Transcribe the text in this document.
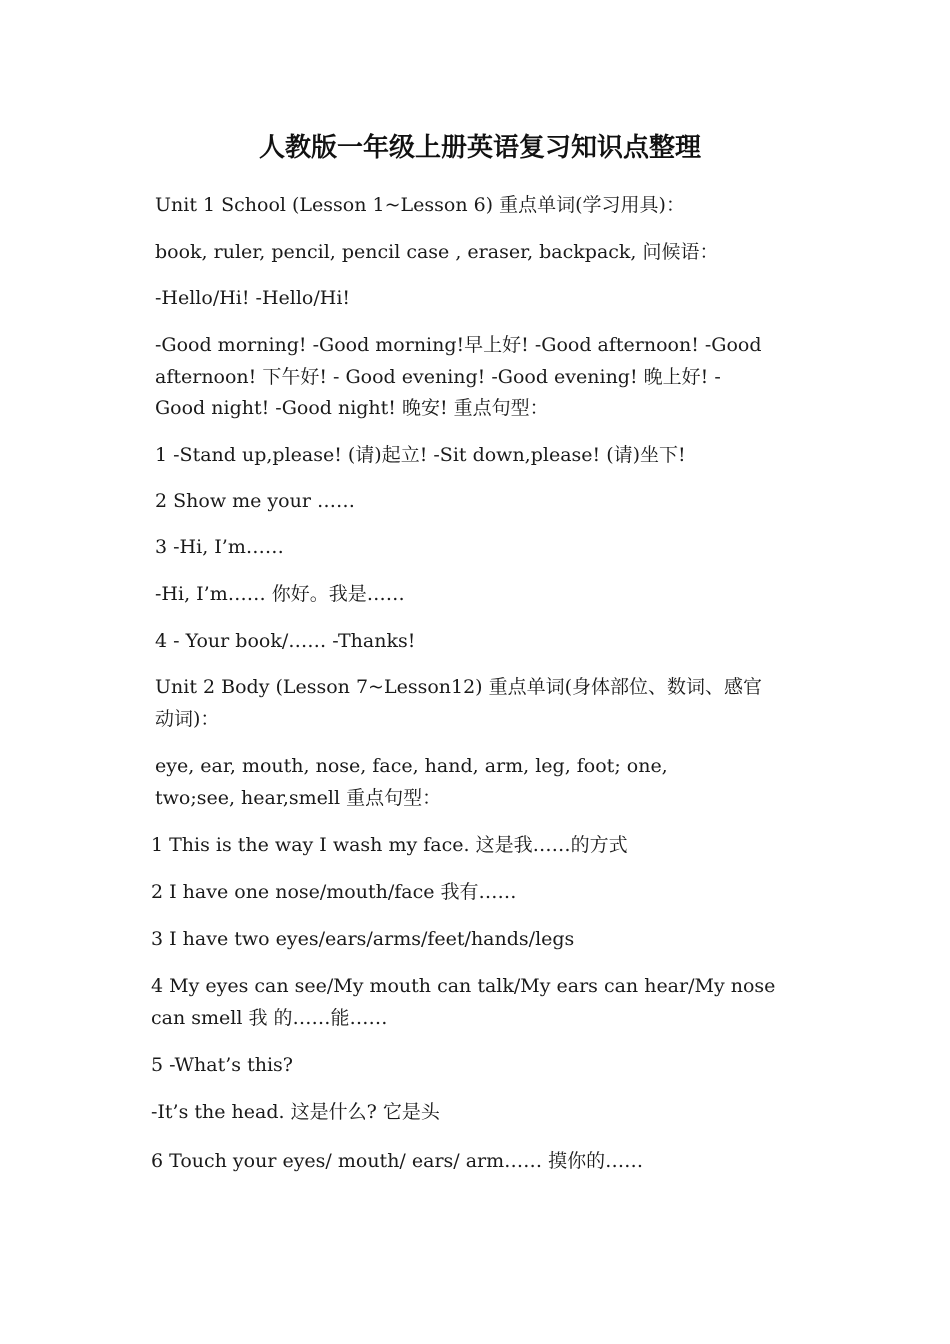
人教版一年级上册英语复习知识点整理
Unit 1 School (Lesson 1~Lesson 6) 重点单词(学习用具)：
book, ruler, pencil, pencil case , eraser, backpack, 问候语：
-Hello/Hi! -Hello/Hi!
-Good morning! -Good morning!早上好! -Good afternoon! -Good
afternoon! 下午好! - Good evening! -Good evening! 晚上好! -
Good night! -Good night! 晚安! 重点句型：
1 -Stand up,please! (请)起立! -Sit down,please! (请)坐下!
2 Show me your ……
3 -Hi, I’m……
-Hi, I’m…… 你好。我是……
4 - Your book/…… -Thanks!
Unit 2 Body (Lesson 7~Lesson12) 重点单词(身体部位、数词、感官
动词)：
eye, ear, mouth, nose, face, hand, arm, leg, foot; one,
two;see, hear,smell 重点句型：
1 This is the way I wash my face. 这是我……的方式
2 I have one nose/mouth/face 我有……
3 I have two eyes/ears/arms/feet/hands/legs
4 My eyes can see/My mouth can talk/My ears can hear/My nose
can smell 我 的……能……
5 -What’s this?
-It’s the head. 这是什么? 它是头
6 Touch your eyes/ mouth/ ears/ arm…… 摸你的……
